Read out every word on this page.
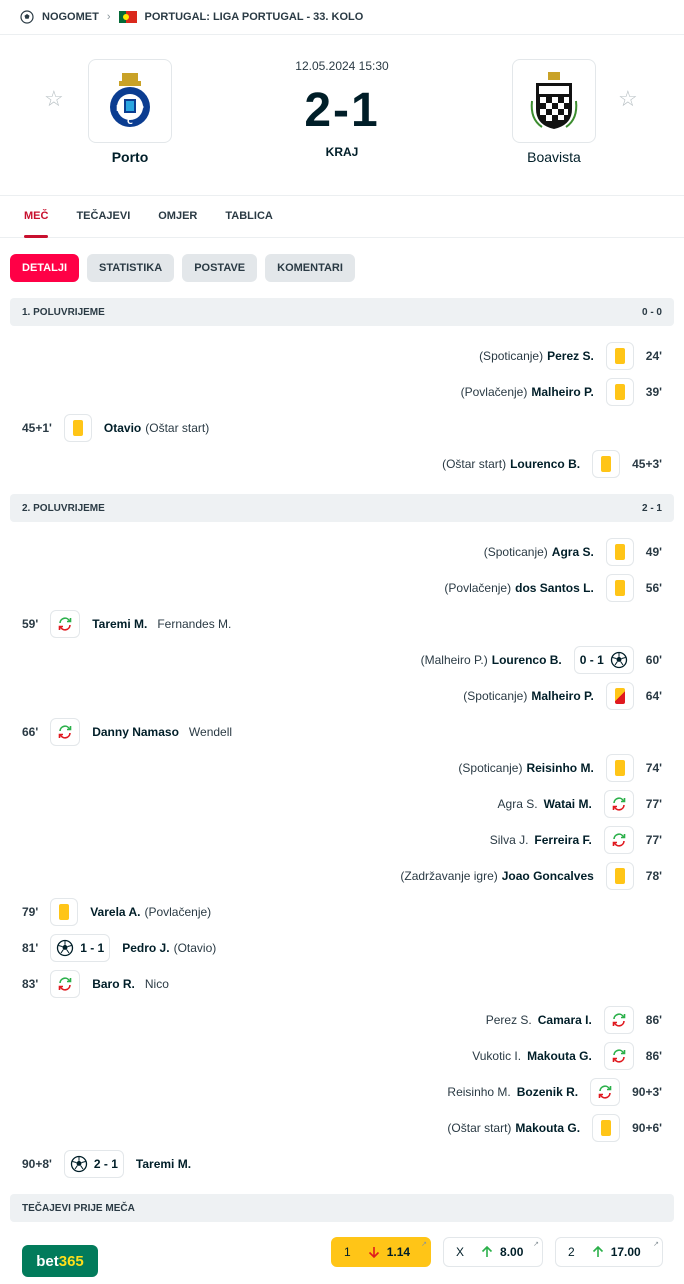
NOGOMET ›	PORTUGAL: LIGA PORTUGAL - 33. KOLO
☆	F
C
P
Porto
12.05.2024 15:30
2-1
KRAJ	Boavista
☆
MEČ	TEČAJEVI	OMJER	TABLICA
DETALJI	STATISTIKA	POSTAVE	KOMENTARI
1. POLUVRIJEME	0 - 0
(Spoticanje) Perez S.	24'
(Povlačenje) Malheiro P.	39'
45+1'	Otavio (Oštar start)
(Oštar start) Lourenco B.	45+3'
2. POLUVRIJEME	2 - 1
(Spoticanje) Agra S.	49'
(Povlačenje) dos Santos L.	56'
59'	Taremi M. Fernandes M.
(Malheiro P.) Lourenco B. 0 - 1	60'
(Spoticanje) Malheiro P.	64'
66'	Danny Namaso Wendell
(Spoticanje) Reisinho M.	74'
Agra S. Watai M.	77'
Silva J. Ferreira F.	77'
(Zadržavanje igre) Joao Goncalves	78'
79'	Varela A. (Povlačenje)
81'	1 - 1 Pedro J. (Otavio)
83'	Baro R. Nico
Perez S. Camara I.	86'
Vukotic I. Makouta G.	86'
Reisinho M. Bozenik R.	90+3'
(Oštar start) Makouta G.	90+6'
90+8'	2 - 1 Taremi M.
TEČAJEVI PRIJE MEČA
bet 365
1	1.14
↗
X	8.00
↗
2	17.00
↗
